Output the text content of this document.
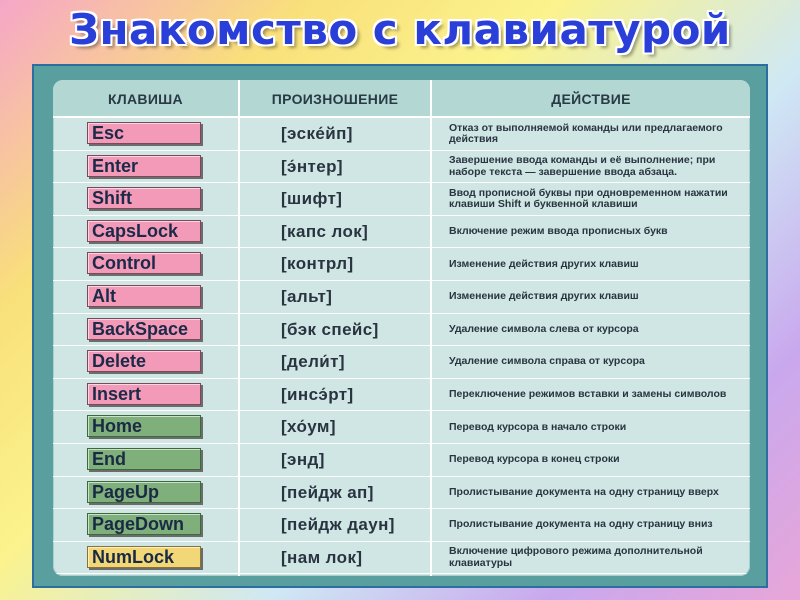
Знакомство с клавиатурой
КЛАВИША	ПРОИЗНОШЕНИЕ	ДЕЙСТВИЕ
Esc	[эске́йп]	Отказ от выполняемой команды или предлагаемого действия
Enter	[э́нтер]	Завершение ввода команды и её выполнение; при наборе текста — завершение ввода абзаца.
Shift	[шифт]	Ввод прописной буквы при одновременном нажатии клавиши Shift и буквенной клавиши
CapsLock	[капс лок]	Включение режим ввода прописных букв
Control	[контрл]	Изменение действия других клавиш
Alt	[альт]	Изменение действия других клавиш
BackSpace	[бэк спейс]	Удаление символа слева от курсора
Delete	[дели́т]	Удаление символа справа от курсора
Insert	[инсэ́рт]	Переключение режимов вставки и замены символов
Home	[хо́ум]	Перевод курсора в начало строки
End	[энд]	Перевод курсора в конец строки
PageUp	[пейдж ап]	Пролистывание документа на одну страницу вверх
PageDown	[пейдж даун]	Пролистывание документа на одну страницу вниз
NumLock	[нам лок]	Включение цифрового режима дополнительной клавиатуры
